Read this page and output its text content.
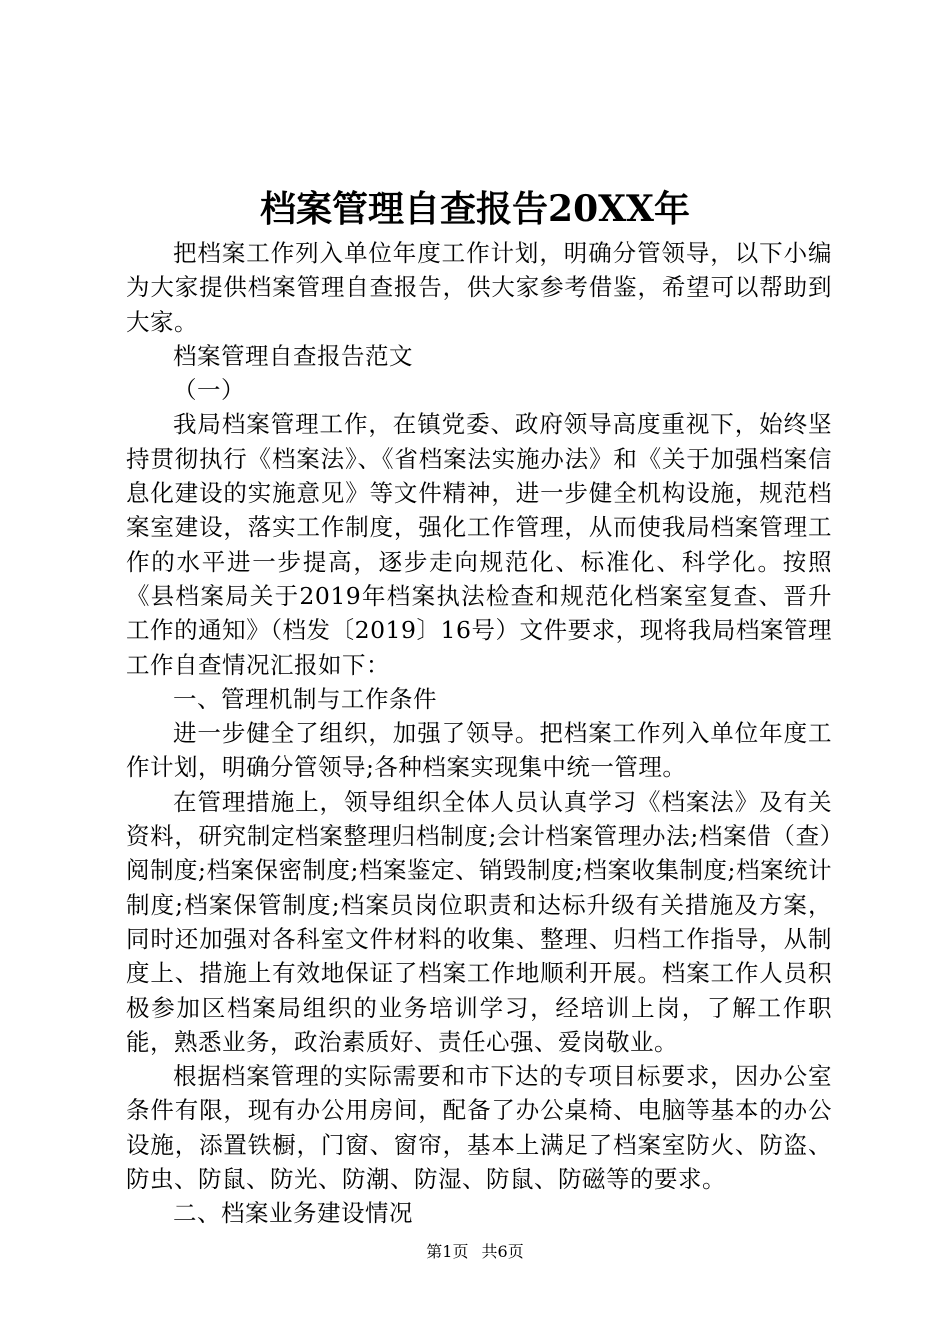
档案管理自查报告20XX年

把档案工作列入单位年度工作计划，明确分管领导，以下小编为大家提供档案管理自查报告，供大家参考借鉴，希望可以帮助到大家。

档案管理自查报告范文

（一）

我局档案管理工作，在镇党委、政府领导高度重视下，始终坚持贯彻执行《档案法》、《省档案法实施办法》和《关于加强档案信息化建设的实施意见》等文件精神，进一步健全机构设施，规范档案室建设，落实工作制度，强化工作管理，从而使我局档案管理工作的水平进一步提高，逐步走向规范化、标准化、科学化。按照《县档案局关于2019年档案执法检查和规范化档案室复查、晋升工作的通知》（档发〔2019〕16号）文件要求，现将我局档案管理工作自查情况汇报如下：

一、管理机制与工作条件

进一步健全了组织，加强了领导。把档案工作列入单位年度工作计划，明确分管领导;各种档案实现集中统一管理。

在管理措施上，领导组织全体人员认真学习《档案法》及有关资料，研究制定档案整理归档制度;会计档案管理办法;档案借（查）阅制度;档案保密制度;档案鉴定、销毁制度;档案收集制度;档案统计制度;档案保管制度;档案员岗位职责和达标升级有关措施及方案，同时还加强对各科室文件材料的收集、整理、归档工作指导，从制度上、措施上有效地保证了档案工作地顺利开展。档案工作人员积极参加区档案局组织的业务培训学习，经培训上岗，了解工作职能，熟悉业务，政治素质好、责任心强、爱岗敬业。

根据档案管理的实际需要和市下达的专项目标要求，因办公室条件有限，现有办公用房间，配备了办公桌椅、电脑等基本的办公设施，添置铁橱，门窗、窗帘，基本上满足了档案室防火、防盗、防虫、防鼠、防光、防潮、防湿、防鼠、防磁等的要求。

二、档案业务建设情况

第1页 共6页
